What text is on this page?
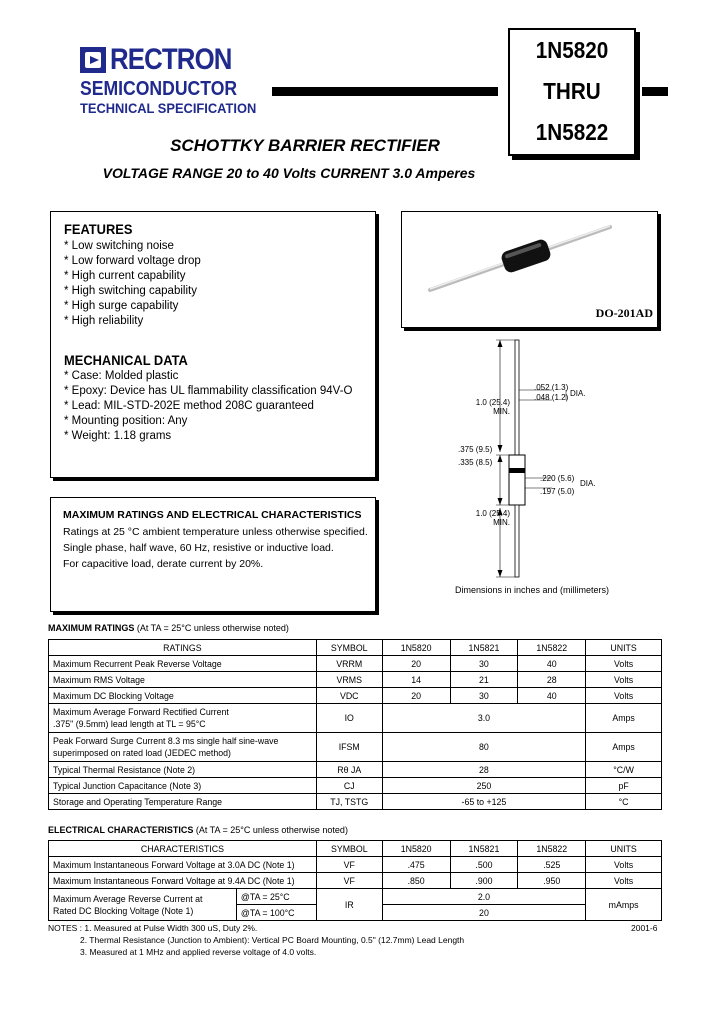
RECTRON
SEMICONDUCTOR
TECHNICAL SPECIFICATION
1N5820
THRU
1N5822
SCHOTTKY BARRIER RECTIFIER
VOLTAGE RANGE 20 to 40 Volts CURRENT 3.0 Amperes
FEATURES
* Low switching noise
* Low forward voltage drop
* High current capability
* High switching capability
* High surge capability
* High reliability
MECHANICAL DATA
* Case: Molded plastic
* Epoxy: Device has UL flammability classification 94V-O
* Lead: MIL-STD-202E method 208C guaranteed
* Mounting position: Any
* Weight: 1.18 grams
DO-201AD
1.0 (25.4)
MIN.
.052 (1.3)
.048 (1.2) DIA.
.375 (9.5)
.335 (8.5)
.220 (5.6)
.197 (5.0)
DIA.
1.0 (25.4)
MIN.
Dimensions in inches and (millimeters)
MAXIMUM RATINGS AND ELECTRICAL CHARACTERISTICS
Ratings at 25 °C ambient temperature unless otherwise specified.
Single phase, half wave, 60 Hz, resistive or inductive load.
For capacitive load, derate current by 20%.
MAXIMUM RATINGS (At TA = 25°C unless otherwise noted)
RATINGS	SYMBOL	1N5820	1N5821	1N5822	UNITS
Maximum Recurrent Peak Reverse Voltage	VRRM	20	30	40	Volts
Maximum RMS Voltage	VRMS	14	21	28	Volts
Maximum DC Blocking Voltage	VDC	20	30	40	Volts

Maximum Average Forward Rectified Current
.375" (9.5mm) lead length at TL = 95°C	IO	3.0			Amps

Peak Forward Surge Current 8.3 ms single half sine-wave
superimposed on rated load (JEDEC method)	IFSM	80			Amps
Typical Thermal Resistance (Note 2)	Rθ JA	28			°C/W
Typical Junction Capacitance (Note 3)	CJ	250			pF
Storage and Operating Temperature Range	TJ, TSTG	-65 to +125			°C
ELECTRICAL CHARACTERISTICS (At TA = 25°C unless otherwise noted)
CHARACTERISTICS		SYMBOL	1N5820	1N5821	1N5822	UNITS
Maximum Instantaneous Forward Voltage at 3.0A DC (Note 1)		VF	.475	.500	.525	Volts
Maximum Instantaneous Forward Voltage at 9.4A DC (Note 1)		VF	.850	.900	.950	Volts

Maximum Average Reverse Current at
Rated DC Blocking Voltage (Note 1)	@TA = 25°C	IR	2.0			mAmps
	@TA = 100°C		20			
NOTES : 1. Measured at Pulse Width 300 uS, Duty 2%.
2. Thermal Resistance (Junction to Ambient): Vertical PC Board Mounting, 0.5" (12.7mm) Lead Length
3. Measured at 1 MHz and applied reverse voltage of 4.0 volts.
2001-6
